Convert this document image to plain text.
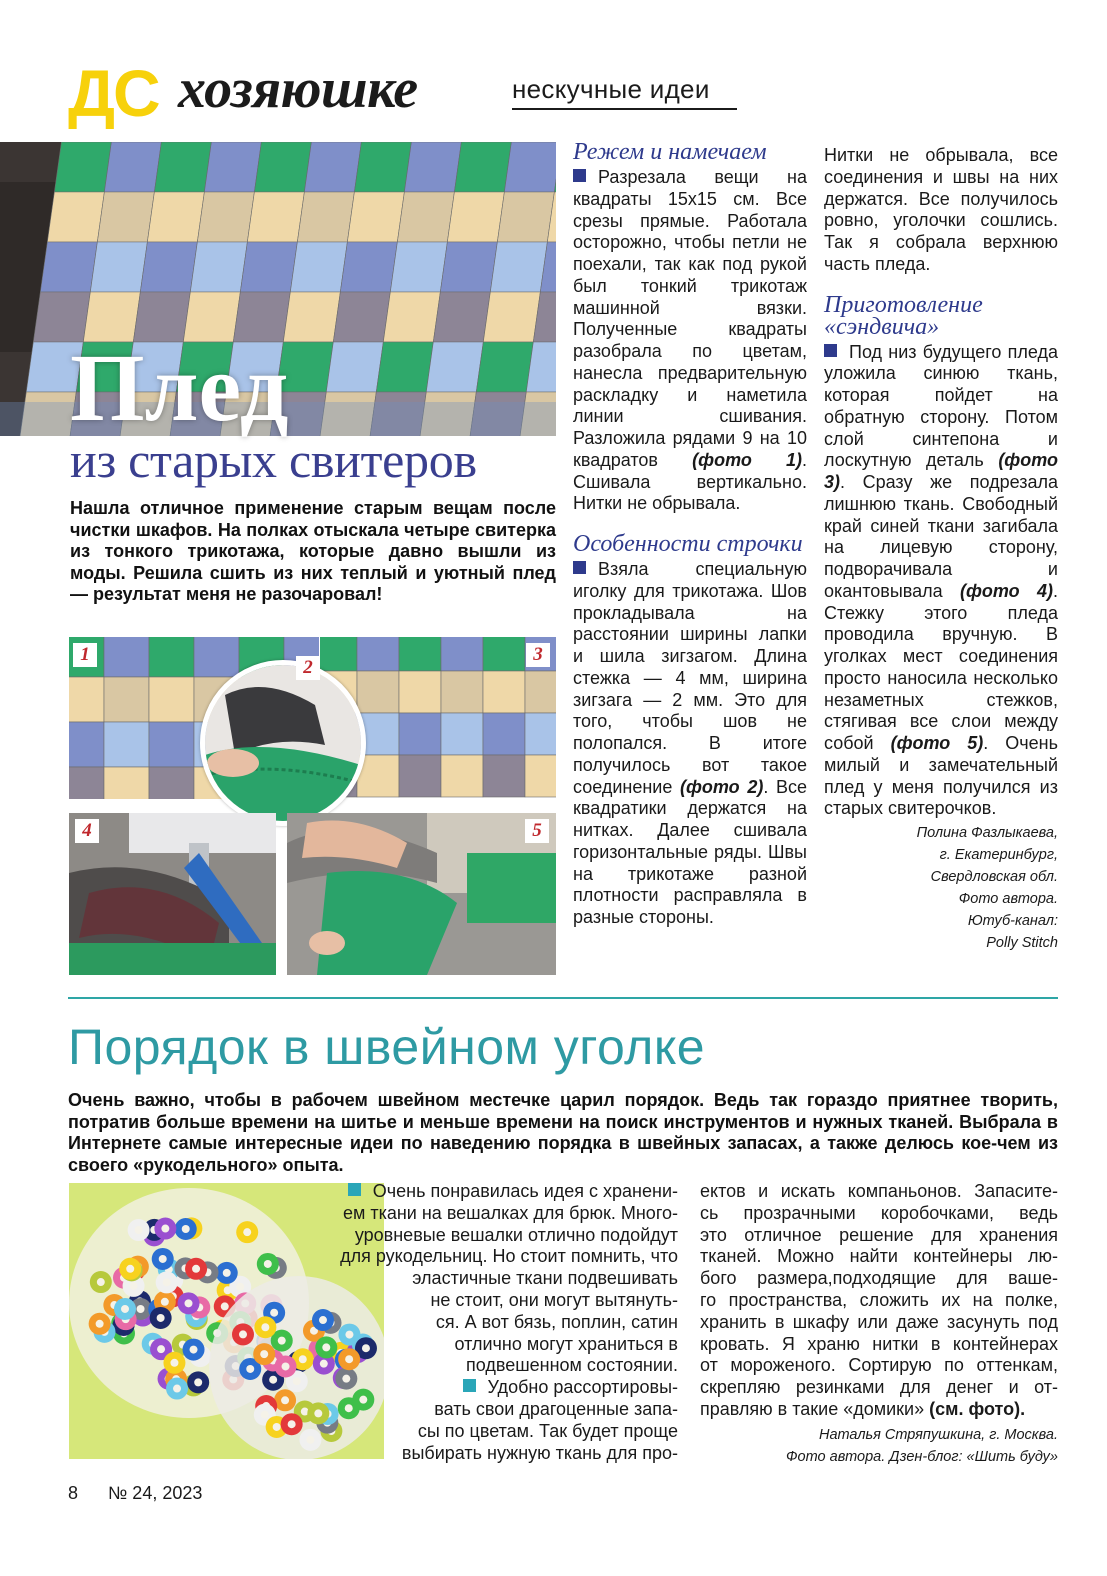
ДС хозяюшке	нескучные идеи
Плед
из старых свитеров
Нашла отличное применение старым вещам после чистки шкафов. На полках отыскала четыре свитерка из тонкого трикотажа, которые давно вышли из моды. Решила сшить из них теплый и уютный плед — результат меня не разочаровал!
1	3
2
4	5
Режем и намечаем

Разрезала вещи на квадраты 15х15 см. Все срезы прямые. Работала осторожно, чтобы петли не поехали, так как под рукой был тонкий трикотаж машинной вязки. Полученные квадраты разобрала по цветам, нанесла предварительную раскладку и наметила линии сшивания. Разложила рядами 9 на 10 квадратов (фото 1). Сшивала вертикально. Нитки не обрывала.

Особенности строчки

Взяла специальную иголку для трикотажа. Шов прокладывала на расстоянии ширины лапки и шила зигзагом. Длина стежка — 4 мм, ширина зигзага — 2 мм. Это для того, чтобы шов не полопался. В итоге получилось вот такое соединение (фото 2). Все квадратики держатся на нитках. Далее сшивала горизонтальные ряды. Швы на трикотаже разной плотности расправляла в разные стороны.

Нитки не обрывала, все соединения и швы на них держатся. Все получилось ровно, уголочки сошлись. Так я собрала верхнюю часть пледа.

Приготовление «сэндвича»

Под низ будущего пледа уложила синюю ткань, которая пойдет на обратную сторону. Потом слой синтепона и лоскутную деталь (фото 3). Сразу же подрезала лишнюю ткань. Свободный край синей ткани загибала на лицевую сторону, подворачивала и окантовывала (фото 4). Стежку этого пледа проводила вручную. В уголках мест соединения просто наносила несколько незаметных стежков, стягивая все слои между собой (фото 5). Очень милый и замечательный плед у меня получился из старых свитерочков.

Полина Фазлыкаева,
г. Екатеринбург,
Свердловская обл.
Фото автора.
Ютуб-канал:
Polly Stitch
Порядок в швейном уголке
Очень важно, чтобы в рабочем швейном местечке царил порядок. Ведь так гораздо приятнее творить, потратив больше времени на шитье и меньше времени на поиск инструментов и нужных тканей. Выбрала в Интернете самые интересные идеи по наведению порядка в швейных запасах, а также делюсь кое-чем из своего «рукодельного» опыта.
Очень понравилась идея с хранени-
ем ткани на вешалках для брюк. Много-
уровневые вешалки отлично подойдут
для рукодельниц. Но стоит помнить, что
эластичные ткани подвешивать
не стоит, они могут вытянуть-
ся. А вот бязь, поплин, сатин
отлично могут храниться в
подвешенном состоянии.
Удобно рассортировы-
вать свои драгоценные запа-
сы по цветам. Так будет проще
выбирать нужную ткань для про-
ектов и искать компаньонов. Запасите-
сь прозрачными коробочками, ведь
это отличное решение для хранения
тканей. Можно найти контейнеры лю-
бого размера,подходящие для ваше-
го пространства, сложить их на полке,
хранить в шкафу или даже засунуть под
кровать. Я храню нитки в контейнерах
от мороженого. Сортирую по оттенкам,
скрепляю резинками для денег и от-
правляю в такие «домики» (см. фото).
Наталья Стряпушкина, г. Москва.
Фото автора. Дзен-блог: «Шить буду»
8 № 24, 2023
